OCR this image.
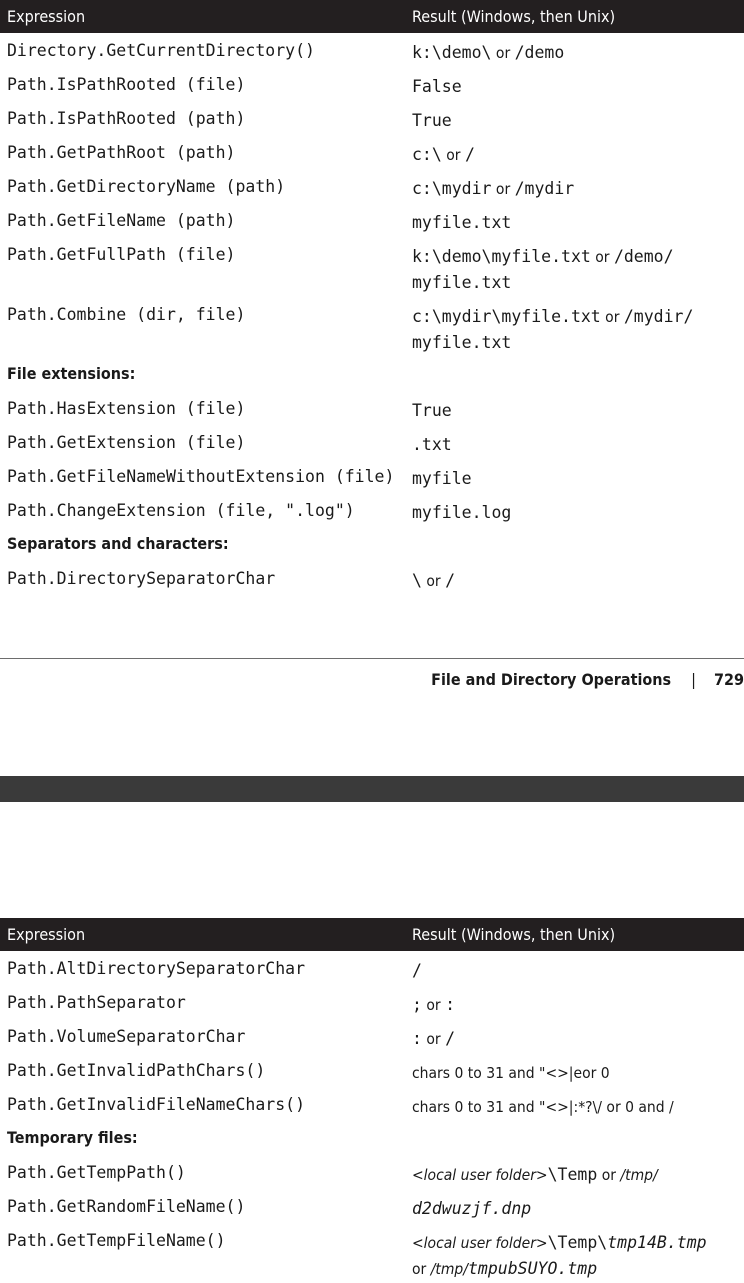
Expression	Result (Windows, then Unix)
Directory.GetCurrentDirectory()	k:\demo\ or /demo
Path.IsPathRooted (file)	False
Path.IsPathRooted (path)	True
Path.GetPathRoot (path)	c:\ or /
Path.GetDirectoryName (path)	c:\mydir or /mydir
Path.GetFileName (path)	myfile.txt
Path.GetFullPath (file)	k:\demo\myfile.txt or /demo/
myfile.txt
Path.Combine (dir, file)	c:\mydir\myfile.txt or /mydir/
myfile.txt
File extensions:
Path.HasExtension (file)	True
Path.GetExtension (file)	.txt
Path.GetFileNameWithoutExtension (file) myfile
Path.ChangeExtension (file, ".log")	myfile.log
Separators and characters:
Path.DirectorySeparatorChar	\ or /
File and Directory Operations | 729
Expression	Result (Windows, then Unix)
Path.AltDirectorySeparatorChar	/
Path.PathSeparator	; or :
Path.VolumeSeparatorChar	: or /
Path.GetInvalidPathChars()	chars 0 to 31 and "<>|eor 0
Path.GetInvalidFileNameChars()	chars 0 to 31 and "<>|:*?\/ or 0 and /
Temporary files:
Path.GetTempPath()	<local user folder>\Temp or /tmp/
Path.GetRandomFileName()	d2dwuzjf.dnp
Path.GetTempFileName()	<local user folder>\Temp\tmp14B.tmp
or /tmp/tmpubSUYO.tmp
